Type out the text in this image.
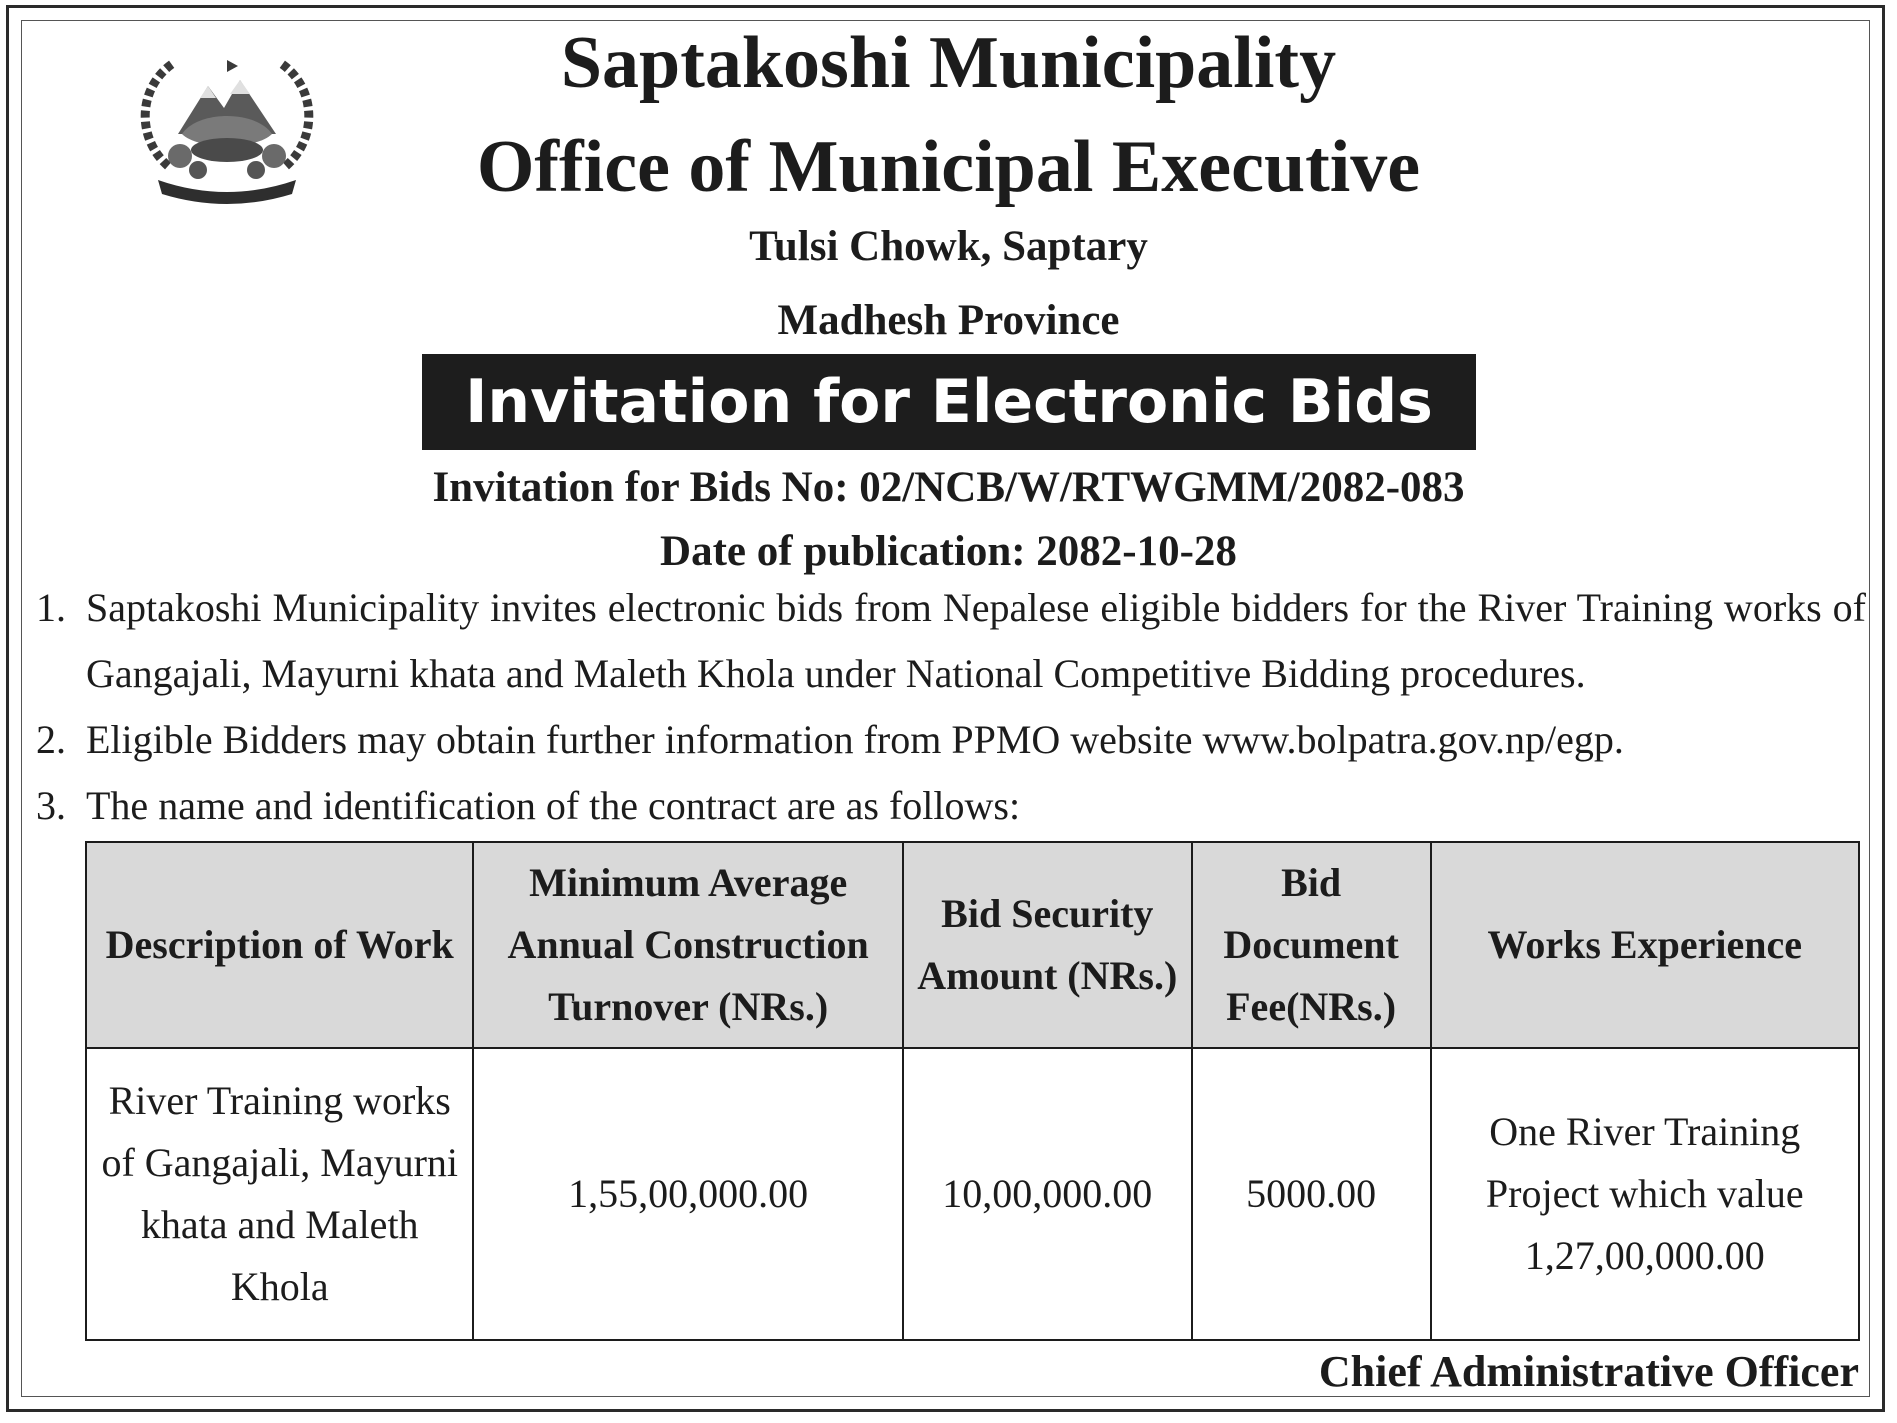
Saptakoshi Municipality
Office of Municipal Executive
Tulsi Chowk, Saptary
Madhesh Province
Invitation for Electronic Bids
Invitation for Bids No: 02/NCB/W/RTWGMM/2082-083
Date of publication: 2082-10-28
1. Saptakoshi Municipality invites electronic bids from Nepalese eligible bidders for the River Training works of Gangajali, Mayurni khata and Maleth Khola under National Competitive Bidding procedures.
2. Eligible Bidders may obtain further information from PPMO website www.bolpatra.gov.np/egp.
3. The name and identification of the contract are as follows:
Description of Work	Minimum Average Annual Construction Turnover (NRs.)	Bid Security Amount (NRs.)	Bid Document Fee(NRs.)	Works Experience
River Training works of Gangajali, Mayurni khata and Maleth Khola	1,55,00,000.00	10,00,000.00	5000.00	One River Training Project which value 1,27,00,000.00
Chief Administrative Officer
